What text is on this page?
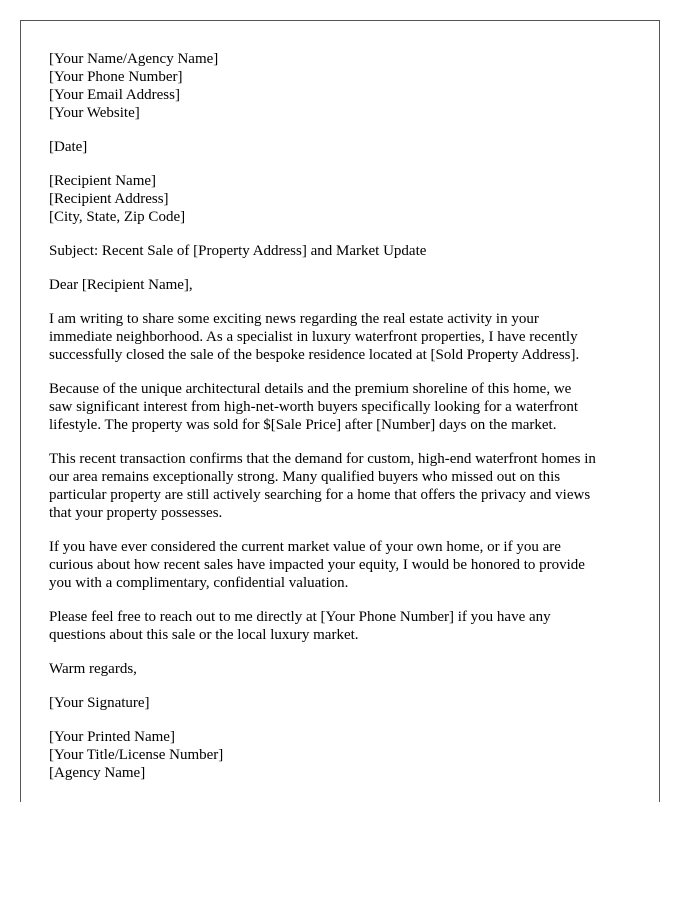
[Your Name/Agency Name]
[Your Phone Number]
[Your Email Address]
[Your Website]
[Date]
[Recipient Name]
[Recipient Address]
[City, State, Zip Code]
Subject: Recent Sale of [Property Address] and Market Update
Dear [Recipient Name],

I am writing to share some exciting news regarding the real estate activity in your
immediate neighborhood. As a specialist in luxury waterfront properties, I have recently
successfully closed the sale of the bespoke residence located at [Sold Property Address].

Because of the unique architectural details and the premium shoreline of this home, we
saw significant interest from high-net-worth buyers specifically looking for a waterfront
lifestyle. The property was sold for $[Sale Price] after [Number] days on the market.

This recent transaction confirms that the demand for custom, high-end waterfront homes in
our area remains exceptionally strong. Many qualified buyers who missed out on this
particular property are still actively searching for a home that offers the privacy and views
that your property possesses.

If you have ever considered the current market value of your own home, or if you are
curious about how recent sales have impacted your equity, I would be honored to provide
you with a complimentary, confidential valuation.

Please feel free to reach out to me directly at [Your Phone Number] if you have any
questions about this sale or the local luxury market.

Warm regards,
[Your Signature]
[Your Printed Name]
[Your Title/License Number]
[Agency Name]
